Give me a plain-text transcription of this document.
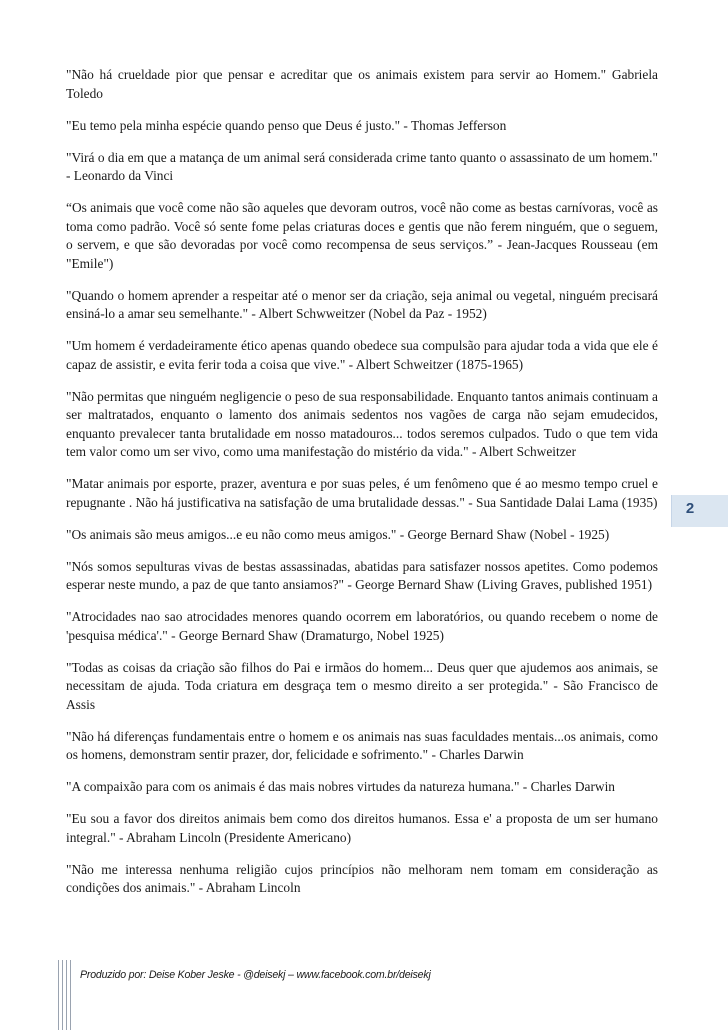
"Não há crueldade pior que pensar e acreditar que os animais existem para servir ao Homem." Gabriela Toledo

"Eu temo pela minha espécie quando penso que Deus é justo." - Thomas Jefferson

"Virá o dia em que a matança de um animal será considerada crime tanto quanto o assassinato de um homem." - Leonardo da Vinci

“Os animais que você come não são aqueles que devoram outros, você não come as bestas carnívoras, você as toma como padrão. Você só sente fome pelas criaturas doces e gentis que não ferem ninguém, que o seguem, o servem, e que são devoradas por você como recompensa de seus serviços.” - Jean-Jacques Rousseau (em "Emile")

"Quando o homem aprender a respeitar até o menor ser da criação, seja animal ou vegetal, ninguém precisará ensiná-lo a amar seu semelhante." - Albert Schwweitzer (Nobel da Paz - 1952)

"Um homem é verdadeiramente ético apenas quando obedece sua compulsão para ajudar toda a vida que ele é capaz de assistir, e evita ferir toda a coisa que vive." - Albert Schweitzer (1875-1965)

"Não permitas que ninguém negligencie o peso de sua responsabilidade. Enquanto tantos animais continuam a ser maltratados, enquanto o lamento dos animais sedentos nos vagões de carga não sejam emudecidos, enquanto prevalecer tanta brutalidade em nosso matadouros... todos seremos culpados. Tudo o que tem vida tem valor como um ser vivo, como uma manifestação do mistério da vida." - Albert Schweitzer

"Matar animais por esporte, prazer, aventura e por suas peles, é um fenômeno que é ao mesmo tempo cruel e repugnante . Não há justificativa na satisfação de uma brutalidade dessas." - Sua Santidade Dalai Lama (1935)

"Os animais são meus amigos...e eu não como meus amigos." - George Bernard Shaw (Nobel - 1925)

"Nós somos sepulturas vivas de bestas assassinadas, abatidas para satisfazer nossos apetites. Como podemos esperar neste mundo, a paz de que tanto ansiamos?" - George Bernard Shaw (Living Graves, published 1951)

"Atrocidades nao sao atrocidades menores quando ocorrem em laboratórios, ou quando recebem o nome de 'pesquisa médica'." - George Bernard Shaw (Dramaturgo, Nobel 1925)

"Todas as coisas da criação são filhos do Pai e irmãos do homem... Deus quer que ajudemos aos animais, se necessitam de ajuda. Toda criatura em desgraça tem o mesmo direito a ser protegida." - São Francisco de Assis

"Não há diferenças fundamentais entre o homem e os animais nas suas faculdades mentais...os animais, como os homens, demonstram sentir prazer, dor, felicidade e sofrimento." - Charles Darwin

"A compaixão para com os animais é das mais nobres virtudes da natureza humana." - Charles Darwin

"Eu sou a favor dos direitos animais bem como dos direitos humanos. Essa e' a proposta de um ser humano integral." - Abraham Lincoln (Presidente Americano)

"Não me interessa nenhuma religião cujos princípios não melhoram nem tomam em consideração as condições dos animais." - Abraham Lincoln

2
Produzido por: Deise Kober Jeske - @deisekj – www.facebook.com.br/deisekj
